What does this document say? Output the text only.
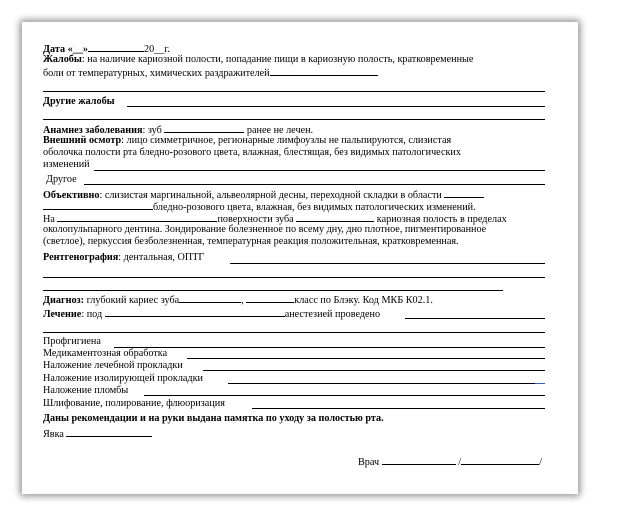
Дата «__»	20__г.
Жалобы: на наличие кариозной полости, попадание пищи в кариозную полость, кратковременные
боли от температурных, химических раздражителей
Другие жалобы
Анамнез заболевания: зуб	ранее не лечен.
Внешний осмотр: лицо симметричное, регионарные лимфоузлы не пальпируются, слизистая
оболочка полости рта бледно-розового цвета, влажная, блестящая, без видимых патологических
изменений
Другое
Объективно: слизистая маргинальной, альвеолярной десны, переходной складки в области
бледно-розового цвета, влажная, без видимых патологических изменений.
На	поверхности зуба	кариозная полость в пределах
околопульпарного дентина. Зондирование болезненное по всему дну, дно плотное, пигментированное
(светлое), перкуссия безболезненная, температурная реакция положительная, кратковременная.
Рентгенография: дентальная, ОПТГ
Диагноз: глубокий кариес зуба	,	класс по Блэку. Код МКБ К02.1.
Лечение: под	анестезией проведено
Профгигиена
Медикаментозная обработка
Наложение лечебной прокладки
Наложение изолирующей прокладки
Наложение пломбы
Шлифование, полирование, флюоризация
Даны рекомендации и на руки выдана памятка по уходу за полостью рта.
Явка
Врач	/	/
